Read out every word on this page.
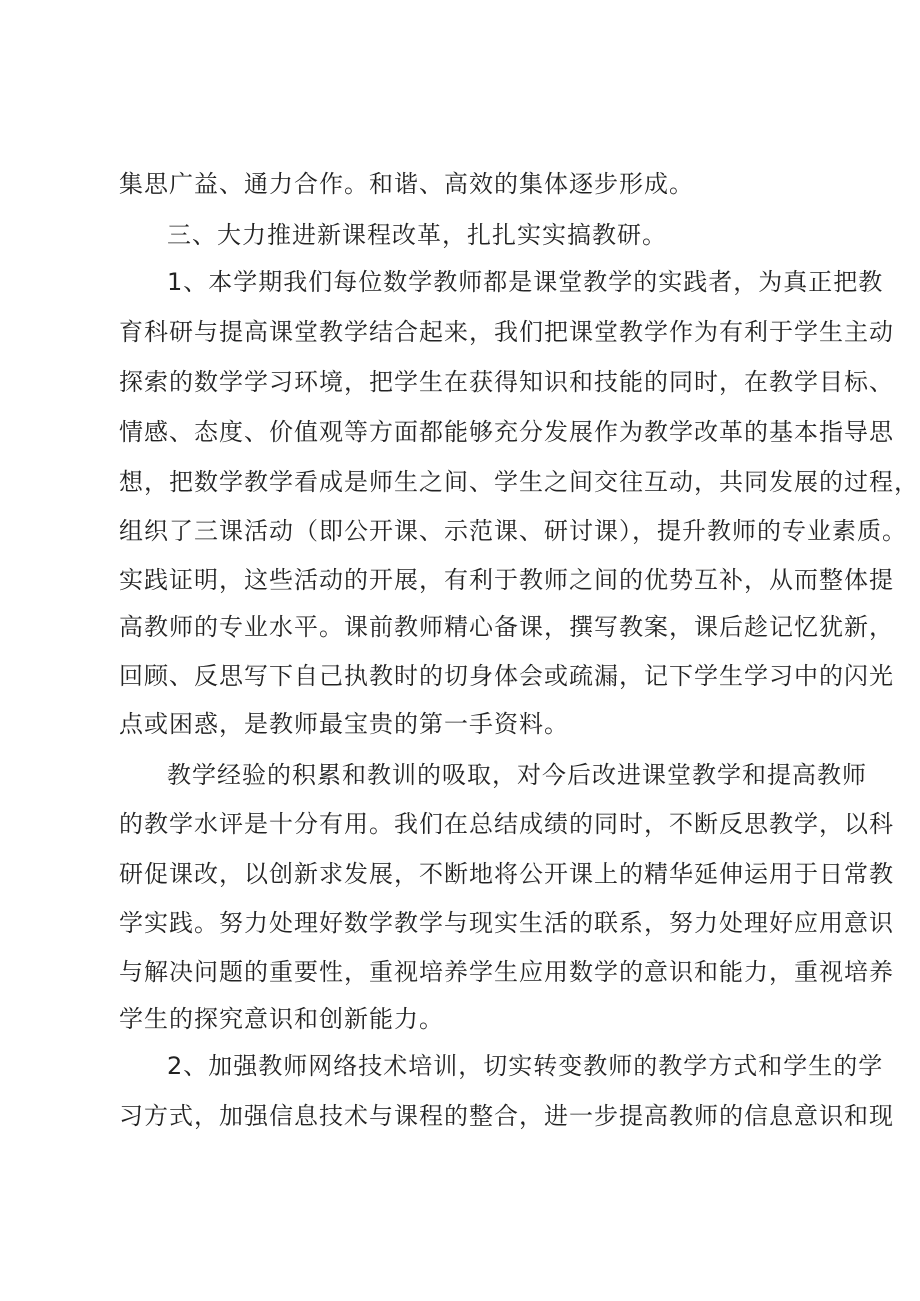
集思广益、通力合作。和谐、高效的集体逐步形成。
三、大力推进新课程改革，扎扎实实搞教研。
1、本学期我们每位数学教师都是课堂教学的实践者，为真正把教
育科研与提高课堂教学结合起来，我们把课堂教学作为有利于学生主动
探索的数学学习环境，把学生在获得知识和技能的同时，在教学目标、
情感、态度、价值观等方面都能够充分发展作为教学改革的基本指导思
想，把数学教学看成是师生之间、学生之间交往互动，共同发展的过程，
组织了三课活动（即公开课、示范课、研讨课），提升教师的专业素质。
实践证明，这些活动的开展，有利于教师之间的优势互补，从而整体提
高教师的专业水平。课前教师精心备课，撰写教案，课后趁记忆犹新，
回顾、反思写下自己执教时的切身体会或疏漏，记下学生学习中的闪光
点或困惑，是教师最宝贵的第一手资料。
教学经验的积累和教训的吸取，对今后改进课堂教学和提高教师
的教学水评是十分有用。我们在总结成绩的同时，不断反思教学，以科
研促课改，以创新求发展，不断地将公开课上的精华延伸运用于日常教
学实践。努力处理好数学教学与现实生活的联系，努力处理好应用意识
与解决问题的重要性，重视培养学生应用数学的意识和能力，重视培养
学生的探究意识和创新能力。
2、加强教师网络技术培训，切实转变教师的教学方式和学生的学
习方式，加强信息技术与课程的整合，进一步提高教师的信息意识和现
